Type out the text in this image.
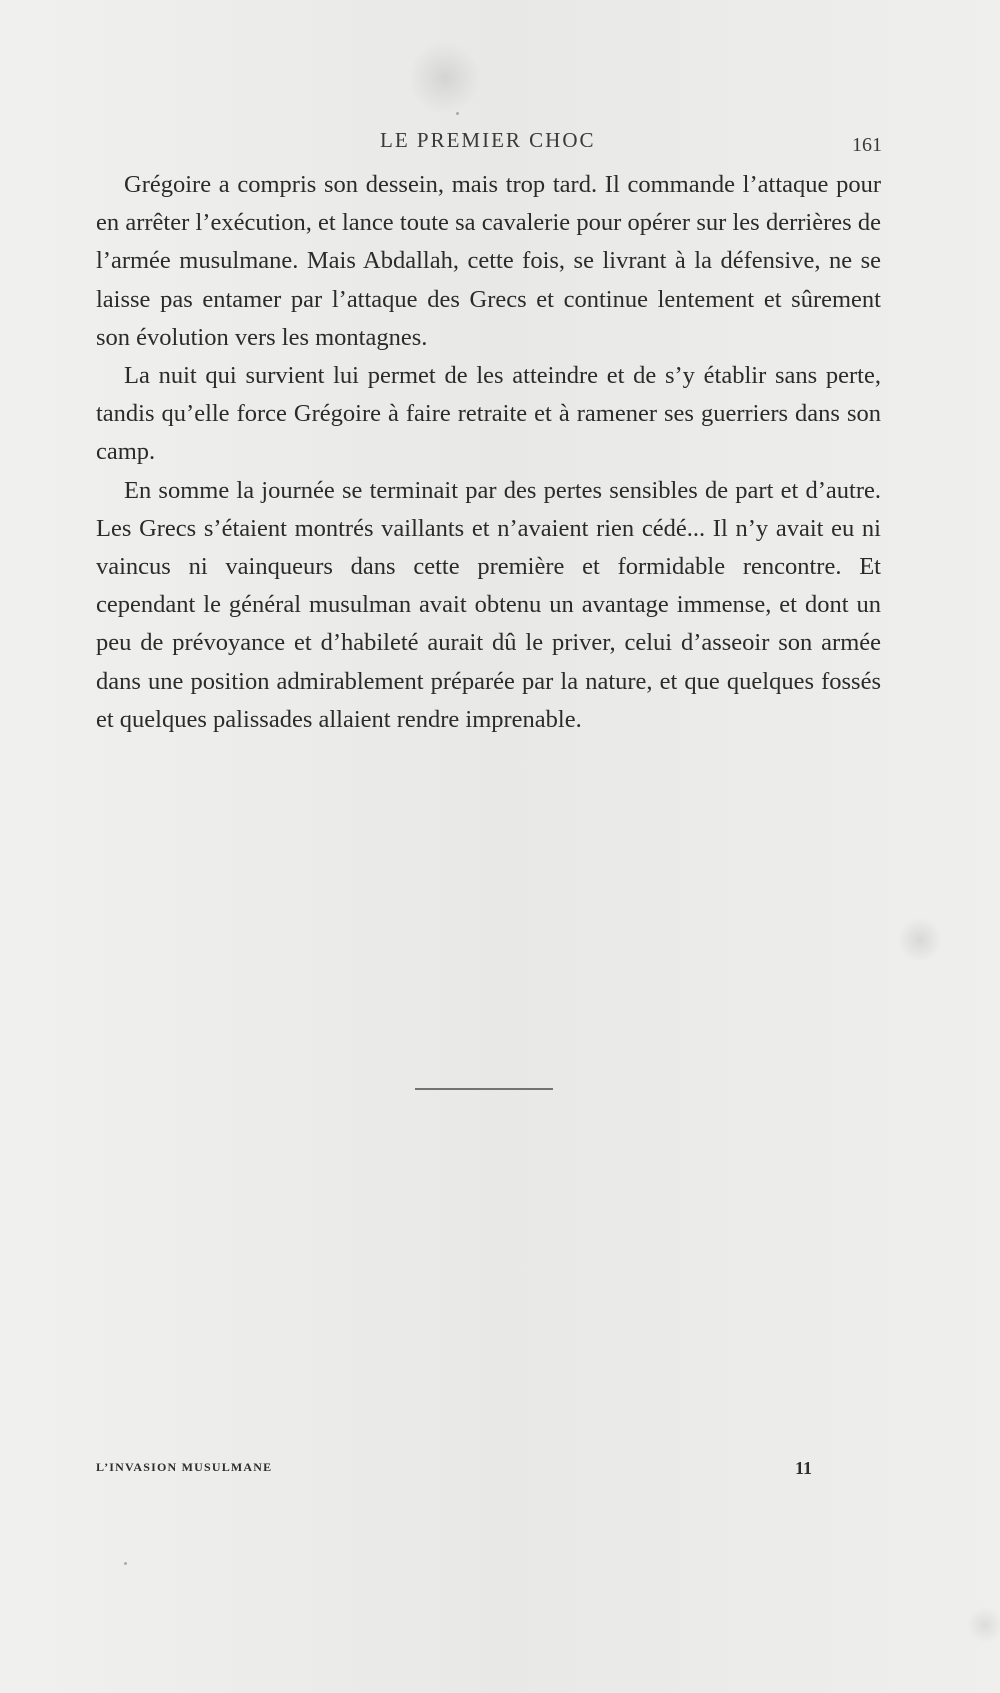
LE PREMIER CHOC	161

Grégoire a compris son dessein, mais trop tard. Il commande l’attaque pour en arrêter l’exécution, et lance toute sa cavalerie pour opérer sur les derrières de l’armée musulmane. Mais Abdallah, cette fois, se livrant à la défensive, ne se laisse pas entamer par l’attaque des Grecs et continue lentement et sûrement son évolution vers les montagnes.

La nuit qui survient lui permet de les atteindre et de s’y établir sans perte, tandis qu’elle force Grégoire à faire retraite et à ramener ses guerriers dans son camp.

En somme la journée se terminait par des pertes sensibles de part et d’autre. Les Grecs s’étaient montrés vaillants et n’avaient rien cédé... Il n’y avait eu ni vaincus ni vainqueurs dans cette première et formidable rencontre. Et cependant le général musulman avait obtenu un avantage immense, et dont un peu de prévoyance et d’habileté aurait dû le priver, celui d’asseoir son armée dans une position admirablement préparée par la nature, et que quelques fossés et quelques palissades allaient rendre imprenable.

L’INVASION MUSULMANE	11
